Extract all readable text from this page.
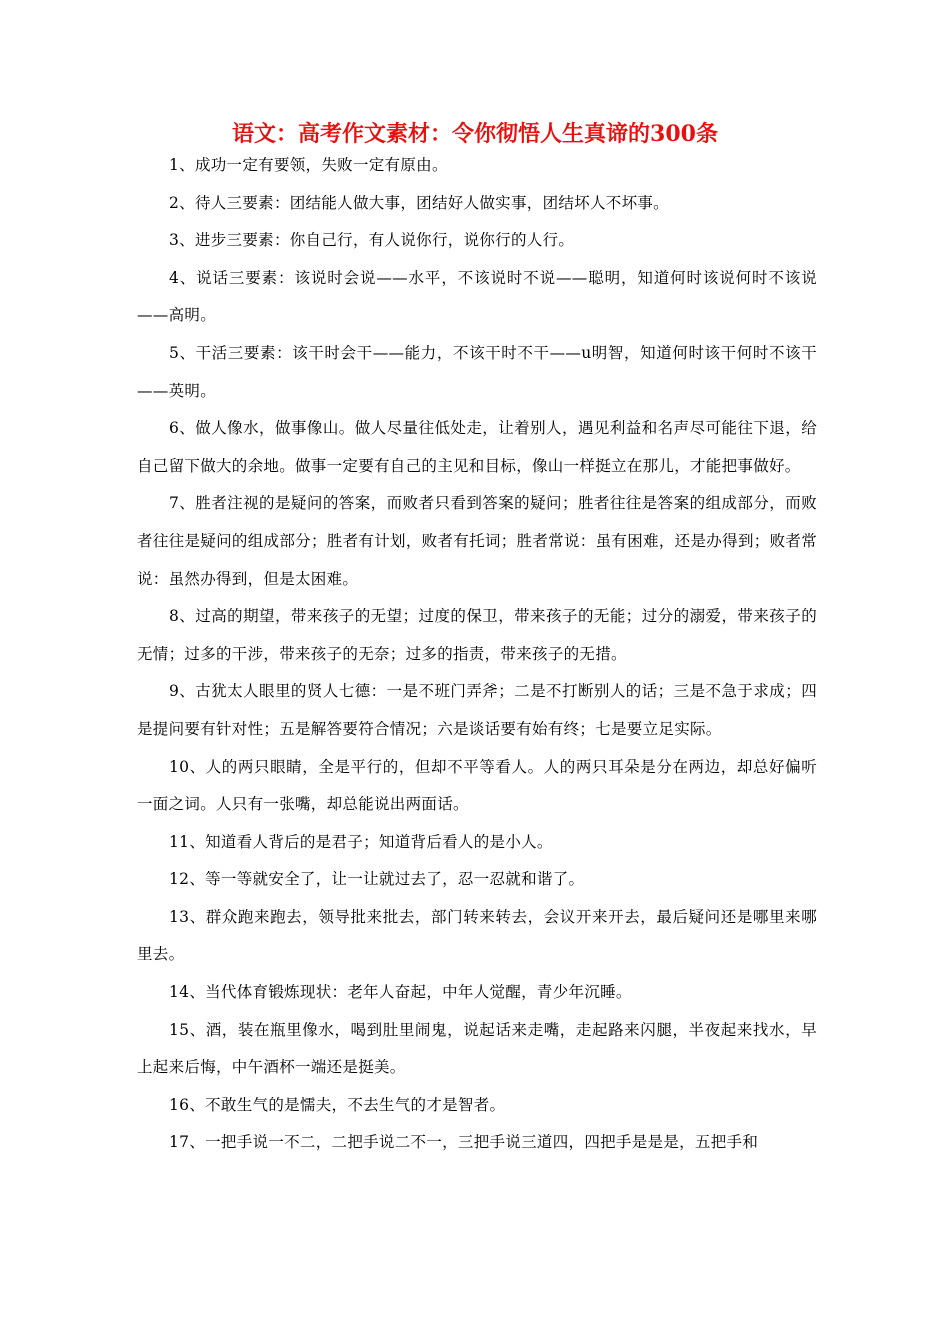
语文：高考作文素材：令你彻悟人生真谛的300条

1、成功一定有要领，失败一定有原由。

2、待人三要素：团结能人做大事，团结好人做实事，团结坏人不坏事。

3、进步三要素：你自己行，有人说你行，说你行的人行。

4、说话三要素：该说时会说——水平，不该说时不说——聪明，知道何时该说何时不该说——高明。

5、干活三要素：该干时会干——能力，不该干时不干——u明智，知道何时该干何时不该干——英明。

6、做人像水，做事像山。做人尽量往低处走，让着别人，遇见利益和名声尽可能往下退，给自己留下做大的余地。做事一定要有自己的主见和目标，像山一样挺立在那儿，才能把事做好。

7、胜者注视的是疑问的答案，而败者只看到答案的疑问；胜者往往是答案的组成部分，而败者往往是疑问的组成部分；胜者有计划，败者有托词；胜者常说：虽有困难，还是办得到；败者常说：虽然办得到，但是太困难。

8、过高的期望，带来孩子的无望；过度的保卫，带来孩子的无能；过分的溺爱，带来孩子的无情；过多的干涉，带来孩子的无奈；过多的指责，带来孩子的无措。

9、古犹太人眼里的贤人七德：一是不班门弄斧；二是不打断别人的话；三是不急于求成；四是提问要有针对性；五是解答要符合情况；六是谈话要有始有终；七是要立足实际。

10、人的两只眼睛，全是平行的，但却不平等看人。人的两只耳朵是分在两边，却总好偏听一面之词。人只有一张嘴，却总能说出两面话。

11、知道看人背后的是君子；知道背后看人的是小人。

12、等一等就安全了，让一让就过去了，忍一忍就和谐了。

13、群众跑来跑去，领导批来批去，部门转来转去，会议开来开去，最后疑问还是哪里来哪里去。

14、当代体育锻炼现状：老年人奋起，中年人觉醒，青少年沉睡。

15、酒，装在瓶里像水，喝到肚里闹鬼，说起话来走嘴，走起路来闪腿，半夜起来找水，早上起来后悔，中午酒杯一端还是挺美。

16、不敢生气的是懦夫，不去生气的才是智者。

17、一把手说一不二，二把手说二不一，三把手说三道四，四把手是是是，五把手和
